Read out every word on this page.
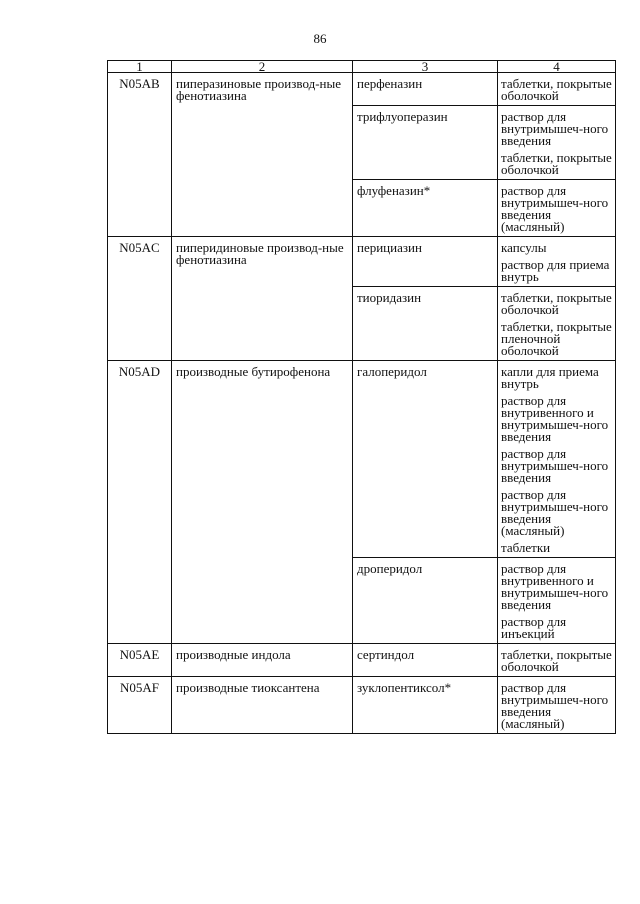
86
1	2	3	4
N05AB	пиперазиновые производ-ные фенотиазина	перфеназин	таблетки, покрытые оболочкой

		трифлуоперазин	раствор для внутримышеч-ного введения
таблетки, покрытые оболочкой

		флуфеназин*	раствор для внутримышеч-ного введения (масляный)

N05AC	пиперидиновые производ-ные фенотиазина	перициазин	капсулы
раствор для приема внутрь

		тиоридазин	таблетки, покрытые оболочкой
таблетки, покрытые пленочной оболочкой

N05AD	производные бутирофенона	галоперидол	капли для приема внутрь
раствор для внутривенного и внутримышеч-ного введения
раствор для внутримышеч-ного введения
раствор для внутримышеч-ного введения (масляный)
таблетки

		дроперидол	раствор для внутривенного и внутримышеч-ного введения
раствор для инъекций

N05AE	производные индола	сертиндол	таблетки, покрытые оболочкой

N05AF	производные тиоксантена	зуклопентиксол*	раствор для внутримышеч-ного введения (масляный)
